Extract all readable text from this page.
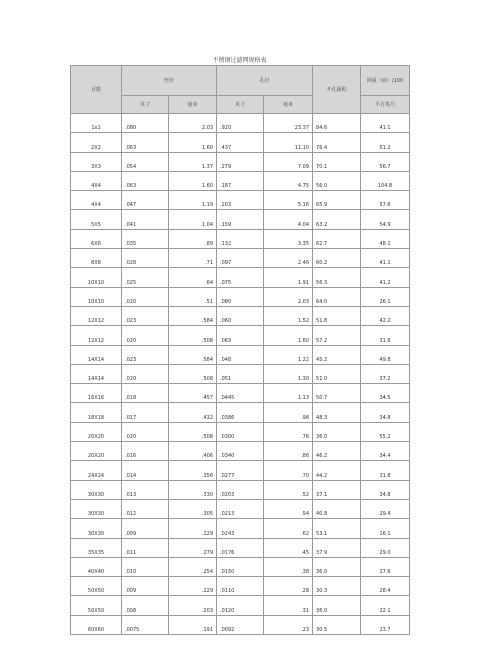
不锈钢过滤网规格表
目数	丝径		孔径		开孔面积	网重（磅）/100
	英寸	毫米	英寸	毫米		平方英尺
1x1	.080	2.03	.920	23.37	84.6	41.1
2X2	.063	1.60	.437	11.10	76.4	51.2
3X3	.054	1.37	.279	7.09	70.1	56.7
4X4	.063	1.60	.187	4.75	56.0	104.8
4X4	.047	1.19	.203	5.16	65.9	57.6
5X5	.041	1.04	.159	4.04	63.2	54.9
6X6	.035	.89	.132	3.35	62.7	48.1
8X8	.028	.71	.097	2.46	60.2	41.1
10X10	.025	.64	.075	1.91	56.3	41.2
10X10	.020	.51	.080	2.03	64.0	26.1
12X12	.023	.584	.060	1.52	51.8	42.2
12X12	.020	.508	.063	1.60	57.2	31.6
14X14	.023	.584	.048	1.22	45.2	49.8
14X14	.020	.508	.051	1.30	51.0	37.2
16X16	.018	.457	.0445	1.13	50.7	34.5
18X18	.017	.432	.0386	.98	48.3	34.8
20X20	.020	.508	.0300	.76	36.0	55.2
20X20	.016	.406	.0340	.86	46.2	34.4
24X24	.014	.356	.0277	.70	44.2	31.8
30X30	.013	.330	.0203	.52	37.1	34.8
30X30	.012	.305	.0213	.54	40.8	29.4
30X30	.009	.229	.0243	.62	53.1	16.1
35X35	.011	.279	.0176	.45	37.9	29.0
40X40	.010	.254	.0150	.38	36.0	27.6
50X50	.009	.229	.0110	.28	30.3	28.4
50X50	.008	.203	.0120	.31	36.0	22.1
60X60	.0075	.191	.0092	.23	30.5	23.7
